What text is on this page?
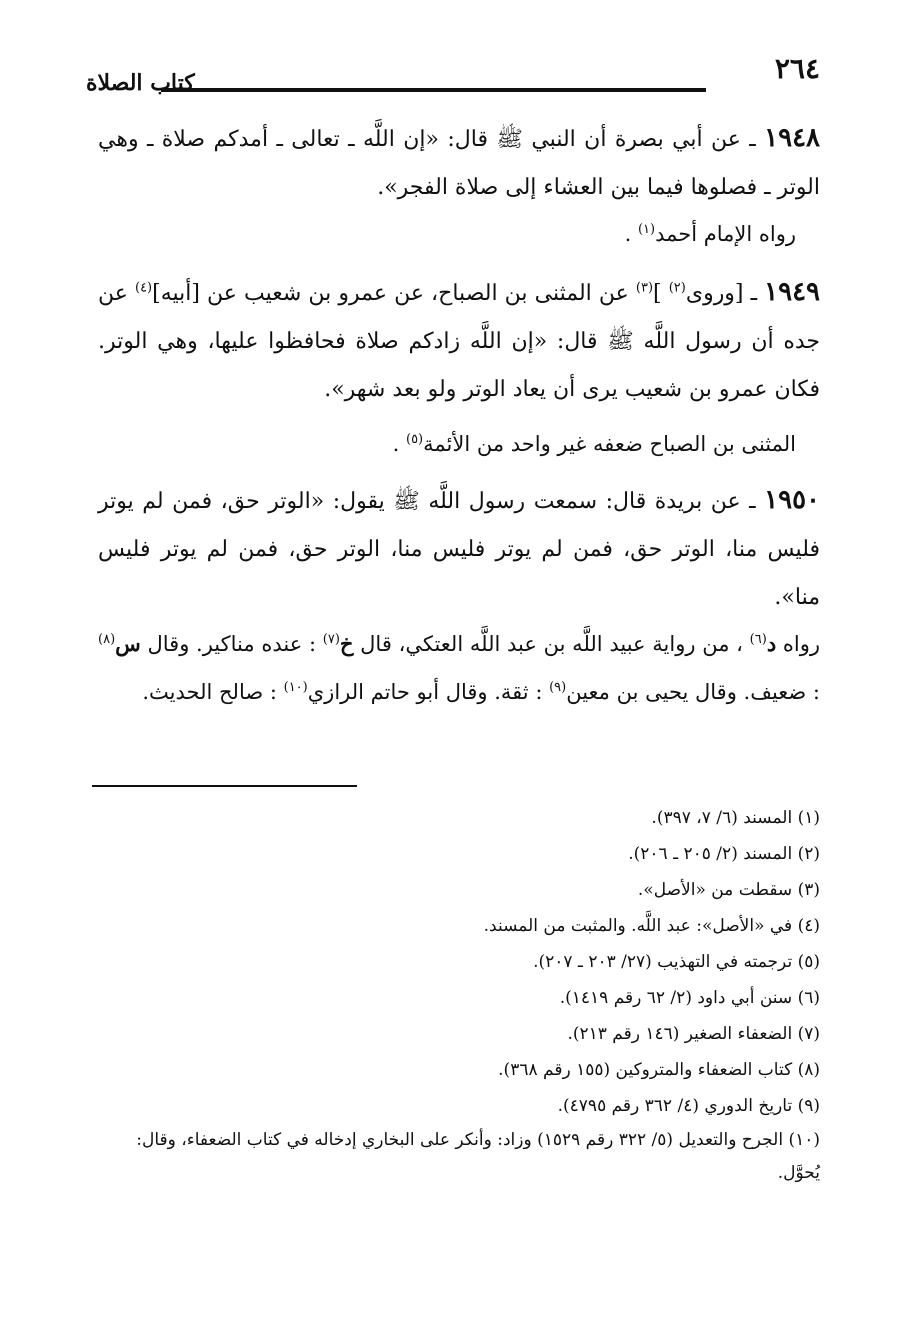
٢٦٤
كتاب الصلاة
١٩٤٨ ـ عن أبي بصرة أن النبي ﷺ قال: «إن اللَّه ـ تعالى ـ أمدكم صلاة ـ وهي الوتر ـ فصلوها فيما بين العشاء إلى صلاة الفجر».
رواه الإمام أحمد$^{(١)}$ .
١٩٤٩ ـ [وروى$^{(٢)}$ ]$^{(٣)}$ عن المثنى بن الصباح، عن عمرو بن شعيب عن [أبيه]$^{(٤)}$ عن جده أن رسول اللَّه ﷺ قال: «إن اللَّه زادكم صلاة فحافظوا عليها، وهي الوتر. فكان عمرو بن شعيب يرى أن يعاد الوتر ولو بعد شهر».
المثنى بن الصباح ضعفه غير واحد من الأئمة$^{(٥)}$ .
١٩٥٠ ـ عن بريدة قال: سمعت رسول اللَّه ﷺ يقول: «الوتر حق، فمن لم يوتر فليس منا، الوتر حق، فمن لم يوتر فليس منا، الوتر حق، فمن لم يوتر فليس منا».
رواه د$^{(٦)}$ ، من رواية عبيد اللَّه بن عبد اللَّه العتكي، قال خ$^{(٧)}$ : عنده مناكير. وقال س$^{(٨)}$ : ضعيف. وقال يحيى بن معين$^{(٩)}$ : ثقة. وقال أبو حاتم الرازي$^{(١٠)}$ : صالح الحديث.
(١) المسند (٦/ ٧، ٣٩٧).
(٢) المسند (٢/ ٢٠٥ ـ ٢٠٦).
(٣) سقطت من «الأصل».
(٤) في «الأصل»: عبد اللَّه. والمثبت من المسند.
(٥) ترجمته في التهذيب (٢٧/ ٢٠٣ ـ ٢٠٧).
(٦) سنن أبي داود (٢/ ٦٢ رقم ١٤١٩).
(٧) الضعفاء الصغير (١٤٦ رقم ٢١٣).
(٨) كتاب الضعفاء والمتروكين (١٥٥ رقم ٣٦٨).
(٩) تاريخ الدوري (٤/ ٣٦٢ رقم ٤٧٩٥).
(١٠) الجرح والتعديل (٥/ ٣٢٢ رقم ١٥٢٩) وزاد: وأنكر على البخاري إدخاله في كتاب الضعفاء، وقال: يُحوَّل.
